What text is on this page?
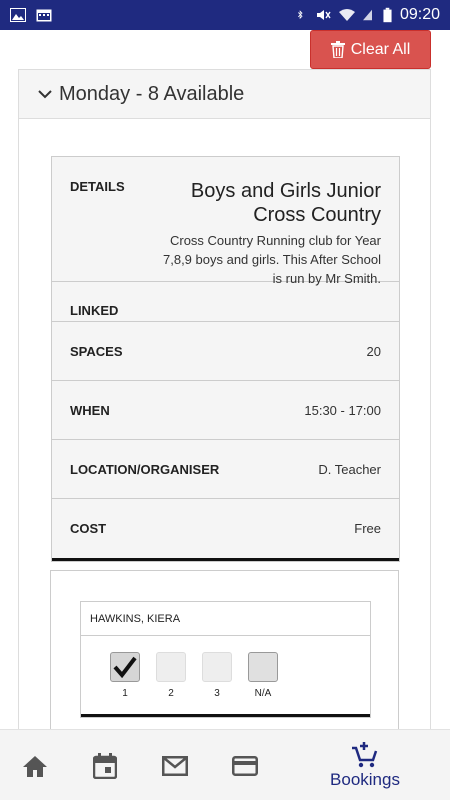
09:20
Clear All
Monday - 8 Available
DETAILS	Boys and Girls Junior Cross Country
Cross Country Running club for Year 7,8,9 boys and girls. This After School is run by Mr Smith.
LINKED
SPACES	20
WHEN	15:30 - 17:00
LOCATION/ORGANISER	D. Teacher
COST	Free
HAWKINS, KIERA
1	2	3	N/A
Bookings
